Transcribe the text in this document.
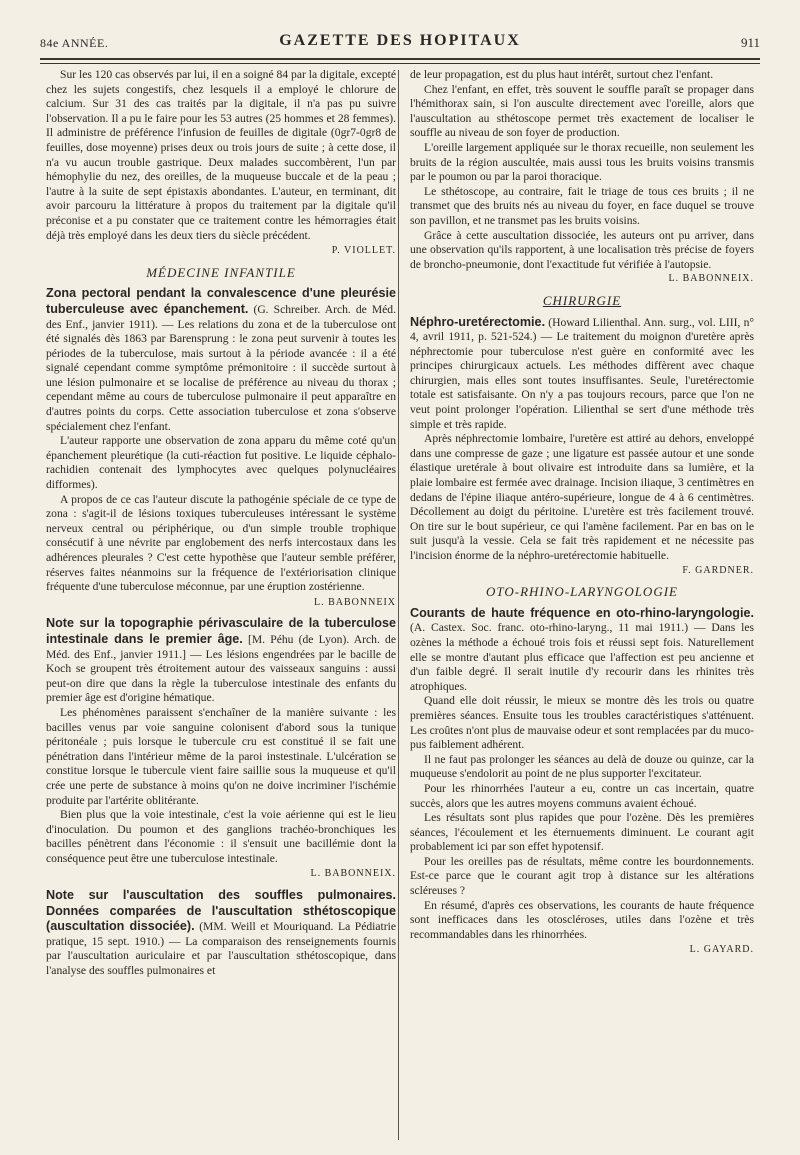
84e ANNÉE.	GAZETTE DES HOPITAUX	911

Sur les 120 cas observés par lui, il en a soigné 84 par la digitale, excepté chez les sujets congestifs, chez lesquels il a employé le chlorure de calcium. Sur 31 des cas traités par la digitale, il n'a pas pu suivre l'observation. Il a pu le faire pour les 53 autres (25 hommes et 28 femmes). Il administre de préférence l'infusion de feuilles de digitale (0gr7-0gr8 de feuilles, dose moyenne) prises deux ou trois jours de suite ; à cette dose, il n'a vu aucun trouble gastrique. Deux malades succombèrent, l'un par hémophylie du nez, des oreilles, de la muqueuse buccale et de la peau ; l'autre à la suite de sept épistaxis abondantes. L'auteur, en terminant, dit avoir parcouru la littérature à propos du traitement par la digitale qu'il préconise et a pu constater que ce traitement contre les hémorragies était déjà très employé dans les deux tiers du siècle précédent.

P. VIOLLET.
MÉDECINE INFANTILE

Zona pectoral pendant la convalescence d'une pleurésie tuberculeuse avec épanchement. (G. Schreiber. Arch. de Méd. des Enf., janvier 1911). — Les relations du zona et de la tuberculose ont été signalés dès 1863 par Barensprung : le zona peut survenir à toutes les périodes de la tuberculose, mais surtout à la période avancée : il a été signalé cependant comme symptôme prémonitoire : il succède surtout à une lésion pulmonaire et se localise de préférence au niveau du thorax ; cependant même au cours de tuberculose pulmonaire il peut apparaître en d'autres points du corps. Cette association tuberculose et zona s'observe spécialement chez l'enfant.

L'auteur rapporte une observation de zona apparu du même coté qu'un épanchement pleurétique (la cuti-réaction fut positive. Le liquide céphalo-rachidien contenait des lymphocytes avec quelques polynucléaires difformes).

A propos de ce cas l'auteur discute la pathogénie spéciale de ce type de zona : s'agit-il de lésions toxiques tuberculeuses intéressant le système nerveux central ou périphérique, ou d'un simple trouble trophique consécutif à une névrite par englobement des nerfs intercostaux dans les adhérences pleurales ? C'est cette hypothèse que l'auteur semble préférer, réserves faites néanmoins sur la fréquence de l'extériorisation clinique fréquente d'une tuberculose méconnue, par une éruption zostérienne.

L. BABONNEIX

Note sur la topographie périvasculaire de la tuberculose intestinale dans le premier âge. [M. Péhu (de Lyon). Arch. de Méd. des Enf., janvier 1911.] — Les lésions engendrées par le bacille de Koch se groupent très étroitement autour des vaisseaux sanguins : aussi peut-on dire que dans la règle la tuberculose intestinale des enfants du premier âge est d'origine hématique.

Les phénomènes paraissent s'enchaîner de la manière suivante : les bacilles venus par voie sanguine colonisent d'abord sous la tunique péritonéale ; puis lorsque le tubercule cru est constitué il se fait une pénétration dans l'intérieur même de la paroi instestinale. L'ulcération se constitue lorsque le tubercule vient faire saillie sous la muqueuse et qu'il crée une perte de substance à moins qu'on ne doive incriminer l'ischémie produite par l'artérite oblitérante.

Bien plus que la voie intestinale, c'est la voie aérienne qui est le lieu d'inoculation. Du poumon et des ganglions trachéo-bronchiques les bacilles pénètrent dans l'économie : il s'ensuit une bacillémie dont la conséquence peut être une tuberculose intestinale.

L. BABONNEIX.

Note sur l'auscultation des souffles pulmonaires. Données comparées de l'auscultation sthétoscopique (auscultation dissociée). (MM. Weill et Mouriquand. La Pédiatrie pratique, 15 sept. 1910.) — La comparaison des renseignements fournis par l'auscultation auriculaire et par l'auscultation sthétoscopique, dans l'analyse des souffles pulmonaires et

de leur propagation, est du plus haut intérêt, surtout chez l'enfant.

Chez l'enfant, en effet, très souvent le souffle paraît se propager dans l'hémithorax sain, si l'on ausculte directement avec l'oreille, alors que l'auscultation au sthétoscope permet très exactement de localiser le souffle au niveau de son foyer de production.

L'oreille largement appliquée sur le thorax recueille, non seulement les bruits de la région auscultée, mais aussi tous les bruits voisins transmis par le poumon ou par la paroi thoracique.

Le sthétoscope, au contraire, fait le triage de tous ces bruits ; il ne transmet que des bruits nés au niveau du foyer, en face duquel se trouve son pavillon, et ne transmet pas les bruits voisins.

Grâce à cette auscultation dissociée, les auteurs ont pu arriver, dans une observation qu'ils rapportent, à une localisation très précise de foyers de broncho-pneumonie, dont l'exactitude fut vérifiée à l'autopsie.
L. BABONNEIX.

CHIRURGIE

Néphro-uretérectomie. (Howard Lilienthal. Ann. surg., vol. LIII, n° 4, avril 1911, p. 521-524.) — Le traitement du moignon d'uretère après néphrectomie pour tuberculose n'est guère en conformité avec les principes chirurgicaux actuels. Les méthodes diffèrent avec chaque chirurgien, mais elles sont toutes insuffisantes. Seule, l'uretérectomie totale est satisfaisante. On n'y a pas toujours recours, parce que l'on ne veut point prolonger l'opération. Lilienthal se sert d'une méthode très simple et très rapide.

Après néphrectomie lombaire, l'uretère est attiré au dehors, enveloppé dans une compresse de gaze ; une ligature est passée autour et une sonde élastique uretérale à bout olivaire est introduite dans sa lumière, et la plaie lombaire est fermée avec drainage. Incision iliaque, 3 centimètres en dedans de l'épine iliaque antéro-supérieure, longue de 4 à 6 centimètres. Décollement au doigt du péritoine. L'uretère est très facilement trouvé. On tire sur le bout supérieur, ce qui l'amène facilement. Par en bas on le suit jusqu'à la vessie. Cela se fait très rapidement et ne nécessite pas l'incision énorme de la néphro-uretérectomie habituelle.
F. GARDNER.

OTO-RHINO-LARYNGOLOGIE

Courants de haute fréquence en oto-rhino-laryngologie. (A. Castex. Soc. franc. oto-rhino-laryng., 11 mai 1911.) — Dans les ozènes la méthode a échoué trois fois et réussi sept fois. Naturellement elle se montre d'autant plus efficace que l'affection est peu ancienne et d'un faible degré. Il serait inutile d'y recourir dans les rhinites très atrophiques.

Quand elle doit réussir, le mieux se montre dès les trois ou quatre premières séances. Ensuite tous les troubles caractéristiques s'atténuent. Les croûtes n'ont plus de mauvaise odeur et sont remplacées par du muco-pus faiblement adhérent.

Il ne faut pas prolonger les séances au delà de douze ou quinze, car la muqueuse s'endolorit au point de ne plus supporter l'excitateur.

Pour les rhinorrhées l'auteur a eu, contre un cas incertain, quatre succès, alors que les autres moyens communs avaient échoué.

Les résultats sont plus rapides que pour l'ozène. Dès les premières séances, l'écoulement et les éternuements diminuent. Le courant agit probablement ici par son effet hypotensif.

Pour les oreilles pas de résultats, même contre les bourdonnements. Est-ce parce que le courant agit trop à distance sur les altérations scléreuses ?

En résumé, d'après ces observations, les courants de haute fréquence sont inefficaces dans les otoscléroses, utiles dans l'ozène et très recommandables dans les rhinorrhées.

L. GAYARD.
